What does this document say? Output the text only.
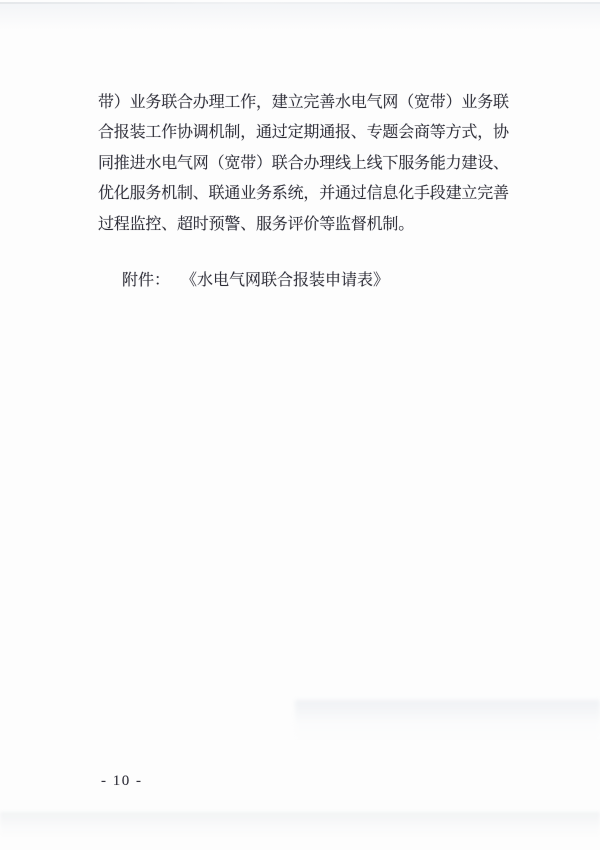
带）业务联合办理工作，建立完善水电气网（宽带）业务联
合报装工作协调机制，通过定期通报、专题会商等方式，协
同推进水电气网（宽带）联合办理线上线下服务能力建设、
优化服务机制、联通业务系统，并通过信息化手段建立完善
过程监控、超时预警、服务评价等监督机制。
附件： 《水电气网联合报装申请表》
- 10 -
